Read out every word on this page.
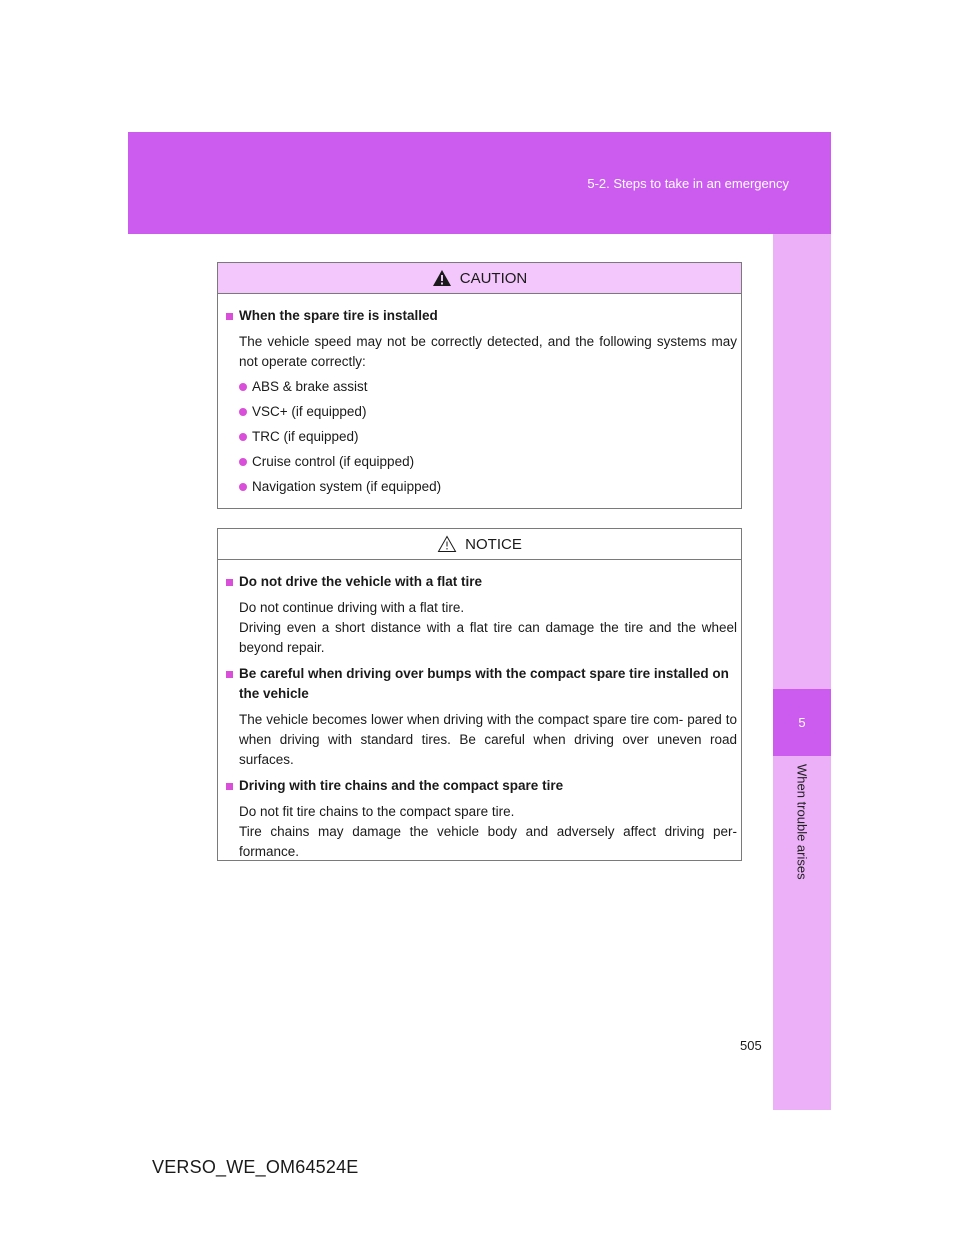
5-2. Steps to take in an emergency
5
When trouble arises
CAUTION
When the spare tire is installed
The vehicle speed may not be correctly detected, and the following systems may not operate correctly:
ABS & brake assist
VSC+ (if equipped)
TRC (if equipped)
Cruise control (if equipped)
Navigation system (if equipped)
NOTICE
Do not drive the vehicle with a flat tire
Do not continue driving with a flat tire.
Driving even a short distance with a flat tire can damage the tire and the wheel beyond repair.
Be careful when driving over bumps with the compact spare tire installed on the vehicle
The vehicle becomes lower when driving with the compact spare tire com- pared to when driving with standard tires. Be careful when driving over uneven road surfaces.
Driving with tire chains and the compact spare tire
Do not fit tire chains to the compact spare tire.
Tire chains may damage the vehicle body and adversely affect driving per- formance.
505
VERSO_WE_OM64524E
